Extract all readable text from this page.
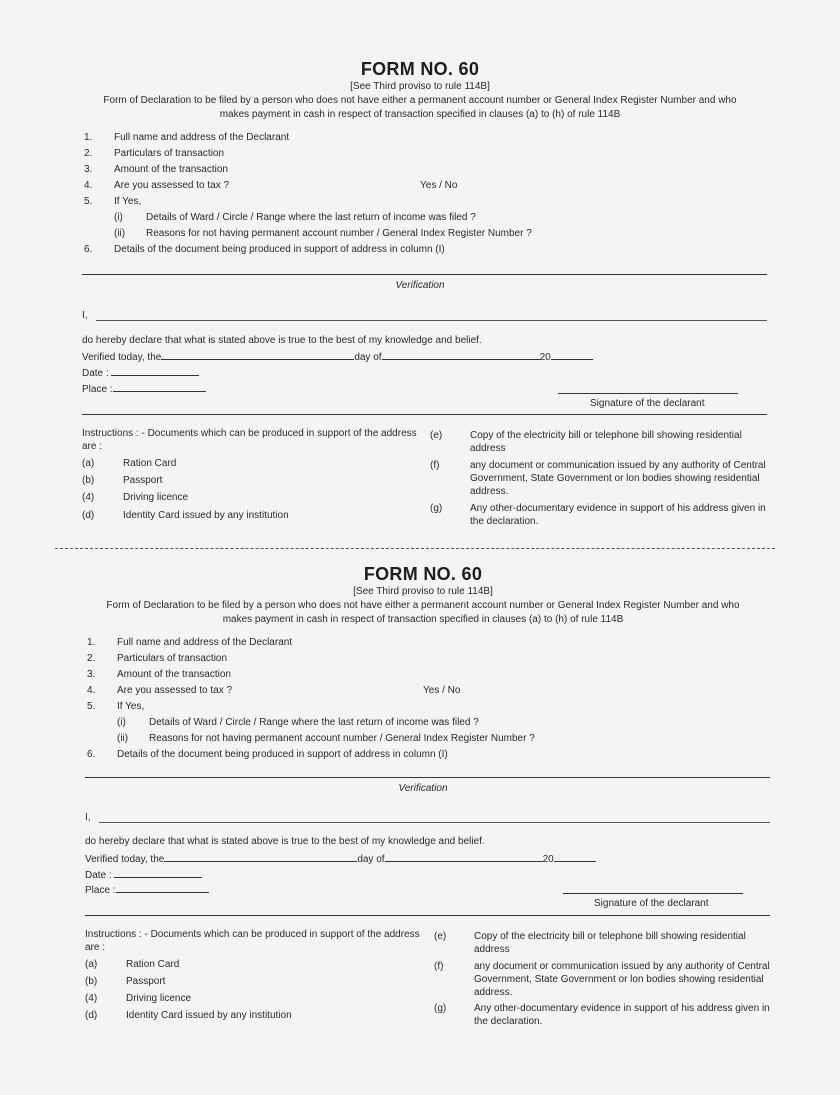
FORM NO. 60
[See Third proviso to rule 114B]
Form of Declaration to be filed by a person who does not have either a permanent account number or General Index Register Number and who makes payment in cash in respect of transaction specified in clauses (a) to (h) of rule 114B
1. Full name and address of the Declarant
2. Particulars of transaction
3. Amount of the transaction
4. Are you assessed to tax ?	Yes / No
5. If Yes,
(i) Details of Ward / Circle / Range where the last return of income was filed ?
(ii) Reasons for not having permanent account number / General Index Register Number ?
6. Details of the document being produced in support of address in column (I)
Verification
I,
do hereby declare that what is stated above is true to the best of my knowledge and belief.
Verified today, the	day of	20
Date :
Place :
Signature of the declarant
Instructions : - Documents which can be produced in support of the address are :
(a)	Ration Card
(b)	Passport
(4)	Driving licence
(d)	Identity Card issued by any institution
(e)	Copy of the electricity bill or telephone bill showing residential address
(f)	any document or communication issued by any authority of Central Government, State Government or lon bodies showing residential address.
(g)	Any other-documentary evidence in support of his address given in the declaration.
FORM NO. 60
[See Third proviso to rule 114B]
Form of Declaration to be filed by a person who does not have either a permanent account number or General Index Register Number and who makes payment in cash in respect of transaction specified in clauses (a) to (h) of rule 114B
1. Full name and address of the Declarant
2. Particulars of transaction
3. Amount of the transaction
4. Are you assessed to tax ?	Yes / No
5. If Yes,
(i) Details of Ward / Circle / Range where the last return of income was filed ?
(ii) Reasons for not having permanent account number / General Index Register Number ?
6. Details of the document being produced in support of address in column (I)
Verification
I,
do hereby declare that what is stated above is true to the best of my knowledge and belief.
Verified today, the	day of	20
Date :
Place :
Signature of the declarant
Instructions : - Documents which can be produced in support of the address are :
(a)	Ration Card
(b)	Passport
(4)	Driving licence
(d)	Identity Card issued by any institution
(e)	Copy of the electricity bill or telephone bill showing residential address
(f)	any document or communication issued by any authority of Central Government, State Government or lon bodies showing residential address.
(g)	Any other-documentary evidence in support of his address given in the declaration.
